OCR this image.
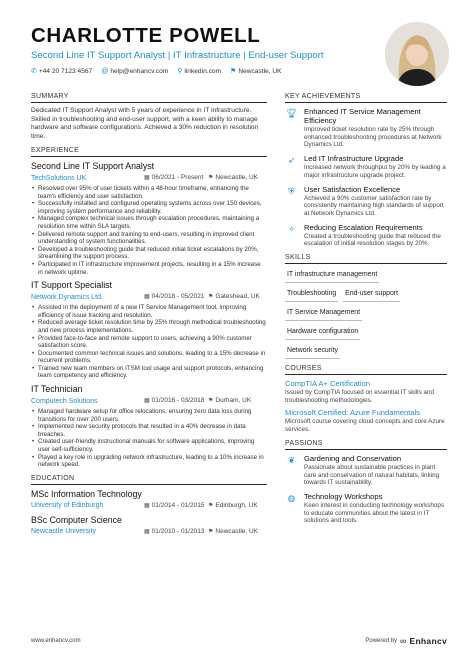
CHARLOTTE POWELL
Second Line IT Support Analyst | IT Infrastructure | End-user Support
✆ +44 20 7123 4567 @ help@enhancv.com ⚲ linkedin.com ⚑ Newcastle, UK
SUMMARY
Dedicated IT Support Analyst with 5 years of experience in IT infrastructure. Skilled in troubleshooting and end-user support, with a keen ability to manage hardware and software configurations. Achieved a 30% reduction in resolution time.
EXPERIENCE
Second Line IT Support Analyst
TechSolutions UK	▦ 06/2021 - Present ⚑ Newcastle, UK
• Resolved over 95% of user tickets within a 48-hour timeframe, enhancing the team's efficiency and user satisfaction.
• Successfully installed and configured operating systems across over 150 devices, improving system performance and reliability.
• Managed complex technical issues through escalation procedures, maintaining a resolution time within SLA targets.
• Delivered remote support and training to end-users, resulting in improved client understanding of system functionalities.
• Developed a troubleshooting guide that reduced initial ticket escalations by 20%, streamlining the support process.
• Participated in IT infrastructure improvement projects, resulting in a 15% increase in network uptime.
IT Support Specialist
Network Dynamics Ltd.	▦ 04/2018 - 05/2021 ⚑ Gateshead, UK
• Assisted in the deployment of a new IT Service Management tool, improving efficiency of issue tracking and resolution.
• Reduced average ticket resolution time by 25% through methodical troubleshooting and new process implementations.
• Provided face-to-face and remote support to users, achieving a 90% customer satisfaction score.
• Documented common technical issues and solutions, leading to a 15% decrease in recurrent problems.
• Trained new team members on ITSM tool usage and support protocols, enhancing team competency and efficiency.
IT Technician
Computech Solutions	▦ 01/2016 - 03/2018 ⚑ Durham, UK
• Managed hardware setup for office relocations, ensuring zero data loss during transitions for over 200 users.
• Implemented new security protocols that resulted in a 40% decrease in data breaches.
• Created user-friendly instructional manuals for software applications, improving user self-sufficiency.
• Played a key role in upgrading network infrastructure, leading to a 10% increase in network speed.
EDUCATION
MSc Information Technology
University of Edinburgh	▦ 01/2014 - 01/2015 ⚑ Edinburgh, UK
BSc Computer Science
Newcastle University	▦ 01/2010 - 01/2013 ⚑ Newcastle, UK
KEY ACHIEVEMENTS
🏆︎ Enhanced IT Service Management Efficiency
Improved ticket resolution rate by 25% through enhanced troubleshooting procedures at Network Dynamics Ltd.
➶	Led IT Infrastructure Upgrade
Increased network throughput by 20% by leading a major infrastructure upgrade project.
⛨	User Satisfaction Excellence
Achieved a 90% customer satisfaction rate by consistently maintaining high standards of support at Network Dynamics Ltd.
✧	Reducing Escalation Requirements
Created a troubleshooting guide that reduced the escalation of initial resolution stages by 20%.
SKILLS
IT infrastructure management
Troubleshooting End-user support
IT Service Management
Hardware configuration
Network security
COURSES
CompTIA A+ Certification
Issued by CompTIA focused on essential IT skills and troubleshooting methodologies.
Microsoft Certified: Azure Fundamentals
Microsoft course covering cloud concepts and core Azure services.
PASSIONS
❦	Gardening and Conservation
Passionate about sustainable practices in plant care and conservation of natural habitats, linking towards IT sustainability.
◍	Technology Workshops
Keen interest in conducting technology workshops to educate communities about the latest in IT solutions and tools.
www.enhancv.com	Powered by ∞ Enhancv
